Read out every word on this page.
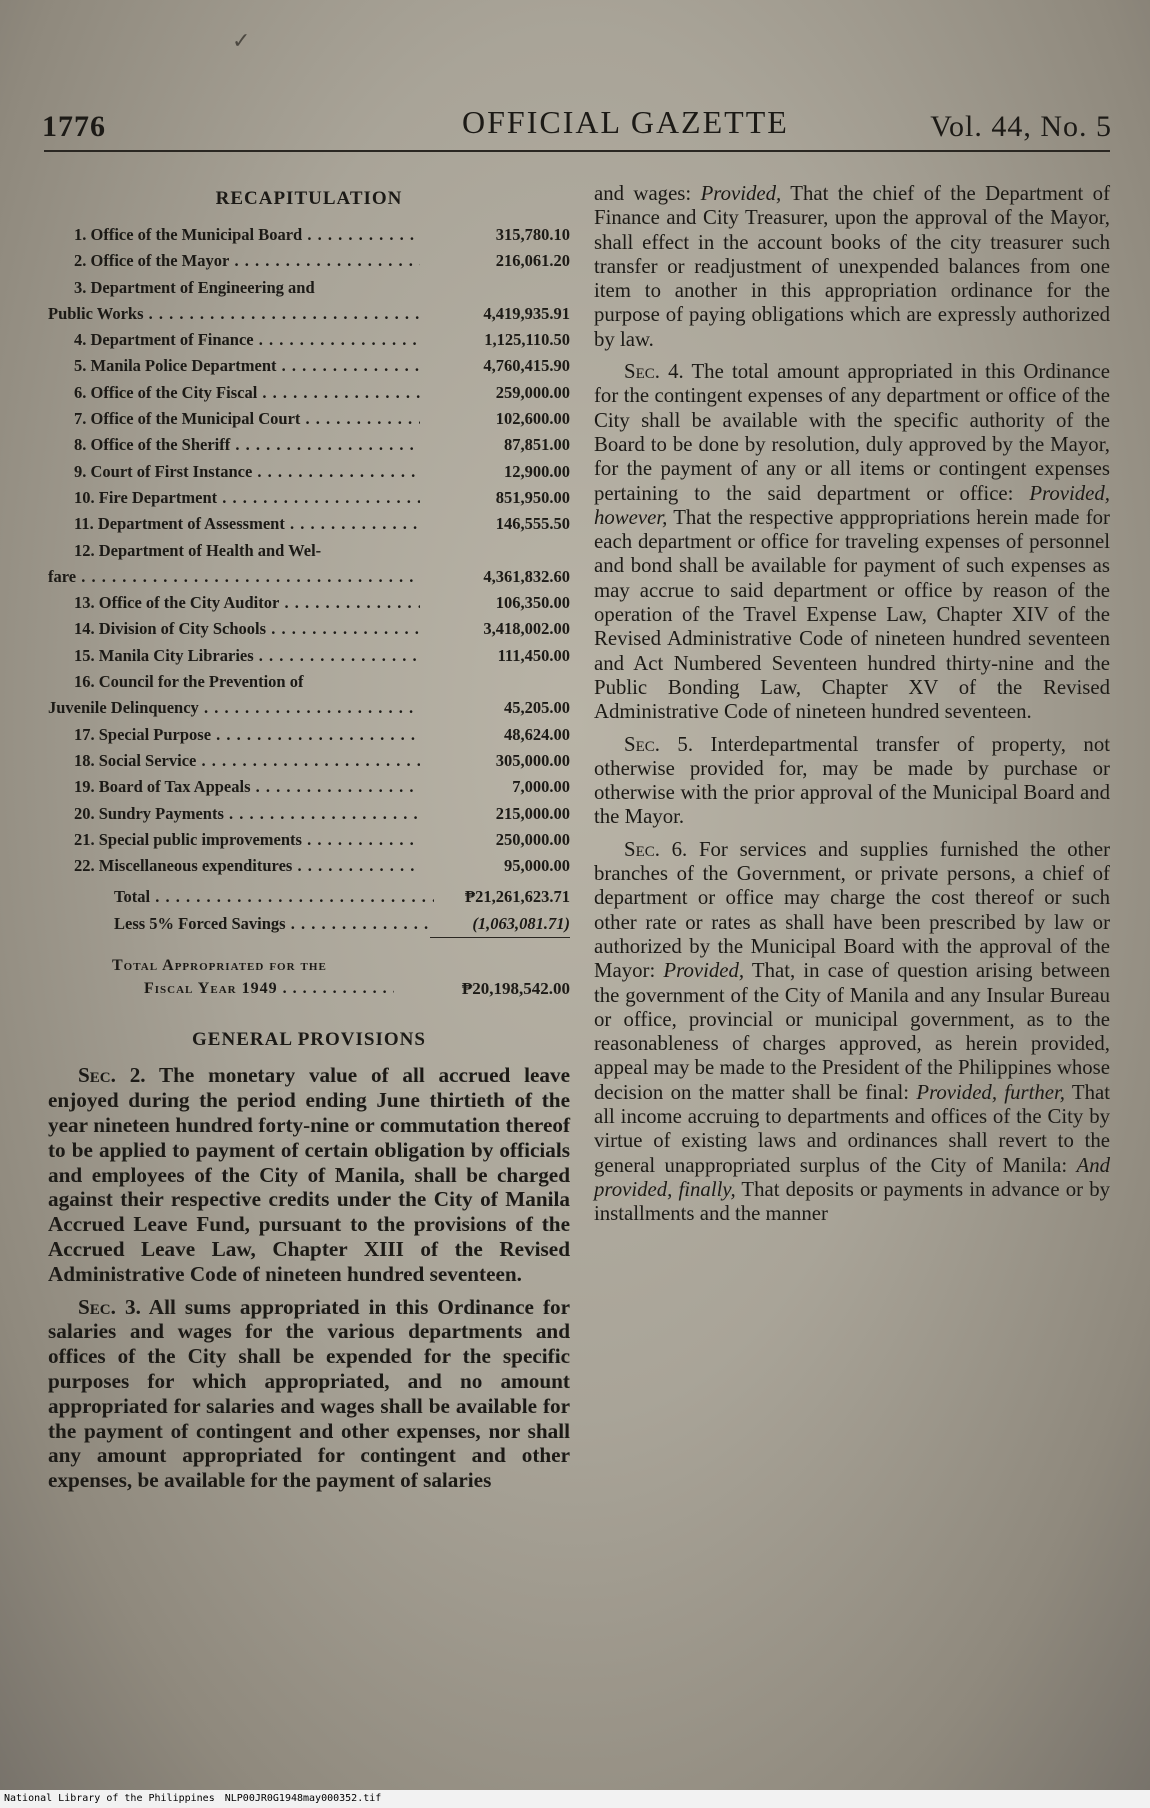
✓
1776	OFFICIAL GAZETTE	Vol. 44, No. 5
RECAPITULATION
1. Office of the Municipal Board . . .	315,780.10
2. Office of the Mayor . . .	216,061.20
3. Department of Engineering and
Public Works . . .	4,419,935.91
4. Department of Finance . . .	1,125,110.50
5. Manila Police Department . . .	4,760,415.90
6. Office of the City Fiscal . . .	259,000.00
7. Office of the Municipal Court . . .	102,600.00
8. Office of the Sheriff . . .	87,851.00
9. Court of First Instance . . .	12,900.00
10. Fire Department . . .	851,950.00
11. Department of Assessment . . .	146,555.50
12. Department of Health and Wel-
fare . . .	4,361,832.60
13. Office of the City Auditor . . .	106,350.00
14. Division of City Schools . . .	3,418,002.00
15. Manila City Libraries . . .	111,450.00
16. Council for the Prevention of
Juvenile Delinquency . . .	45,205.00
17. Special Purpose . . .	48,624.00
18. Social Service . . .	305,000.00
19. Board of Tax Appeals . . .	7,000.00
20. Sundry Payments . . .	215,000.00
21. Special public improvements . . .	250,000.00
22. Miscellaneous expenditures . . .	95,000.00
Total . . .	₱21,261,623.71
Less 5% Forced Savings . . .	(1,063,081.71)
Total Appropriated for the
Fiscal Year 1949 . . .	₱20,198,542.00
GENERAL PROVISIONS

Sec. 2. The monetary value of all accrued leave enjoyed during the period ending June thirtieth of the year nineteen hundred forty-nine or commutation thereof to be applied to payment of certain obligation by officials and employees of the City of Manila, shall be charged against their respective credits under the City of Manila Accrued Leave Fund, pursuant to the provisions of the Accrued Leave Law, Chapter XIII of the Revised Administrative Code of nineteen hundred seventeen.

Sec. 3. All sums appropriated in this Ordinance for salaries and wages for the various departments and offices of the City shall be expended for the specific purposes for which appropriated, and no amount appropriated for salaries and wages shall be available for the payment of contingent and other expenses, nor shall any amount appropriated for contingent and other expenses, be available for the payment of salaries

and wages: Provided, That the chief of the Department of Finance and City Treasurer, upon the approval of the Mayor, shall effect in the account books of the city treasurer such transfer or readjustment of unexpended balances from one item to another in this appropriation ordinance for the purpose of paying obligations which are expressly authorized by law.

Sec. 4. The total amount appropriated in this Ordinance for the contingent expenses of any department or office of the City shall be available with the specific authority of the Board to be done by resolution, duly approved by the Mayor, for the payment of any or all items or contingent expenses pertaining to the said department or office: Provided, however, That the respective apppropriations herein made for each department or office for traveling expenses of personnel and bond shall be available for payment of such expenses as may accrue to said department or office by reason of the operation of the Travel Expense Law, Chapter XIV of the Revised Administrative Code of nineteen hundred seventeen and Act Numbered Seventeen hundred thirty-nine and the Public Bonding Law, Chapter XV of the Revised Administrative Code of nineteen hundred seventeen.

Sec. 5. Interdepartmental transfer of property, not otherwise provided for, may be made by purchase or otherwise with the prior approval of the Municipal Board and the Mayor.

Sec. 6. For services and supplies furnished the other branches of the Government, or private persons, a chief of department or office may charge the cost thereof or such other rate or rates as shall have been prescribed by law or authorized by the Municipal Board with the approval of the Mayor: Provided, That, in case of question arising between the government of the City of Manila and any Insular Bureau or office, provincial or municipal government, as to the reasonableness of charges approved, as herein provided, appeal may be made to the President of the Philippines whose decision on the matter shall be final: Provided, further, That all income accruing to departments and offices of the City by virtue of existing laws and ordinances shall revert to the general unappropriated surplus of the City of Manila: And provided, finally, That deposits or payments in advance or by installments and the manner

National Library of the Philippines NLP00JR0G1948may000352.tif
